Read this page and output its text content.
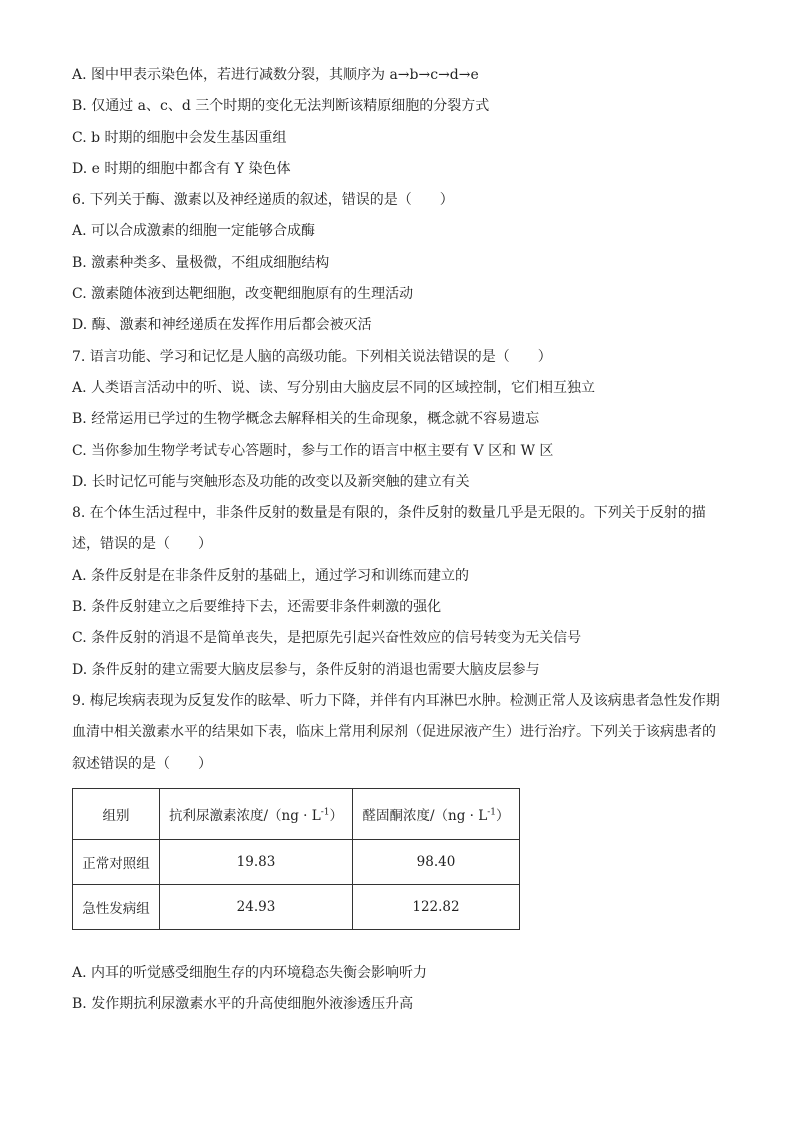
A. 图中甲表示染色体，若进行减数分裂，其顺序为 a→b→c→d→e
B. 仅通过 a、c、d 三个时期的变化无法判断该精原细胞的分裂方式
C. b 时期的细胞中会发生基因重组
D. e 时期的细胞中都含有 Y 染色体
6. 下列关于酶、激素以及神经递质的叙述，错误的是（　　）
A. 可以合成激素的细胞一定能够合成酶
B. 激素种类多、量极微，不组成细胞结构
C. 激素随体液到达靶细胞，改变靶细胞原有的生理活动
D. 酶、激素和神经递质在发挥作用后都会被灭活
7. 语言功能、学习和记忆是人脑的高级功能。下列相关说法错误的是（　　）
A. 人类语言活动中的听、说、读、写分别由大脑皮层不同的区域控制，它们相互独立
B. 经常运用已学过的生物学概念去解释相关的生命现象，概念就不容易遗忘
C. 当你参加生物学考试专心答题时，参与工作的语言中枢主要有 V 区和 W 区
D. 长时记忆可能与突触形态及功能的改变以及新突触的建立有关
8. 在个体生活过程中，非条件反射的数量是有限的，条件反射的数量几乎是无限的。下列关于反射的描
述，错误的是（　　）
A. 条件反射是在非条件反射的基础上，通过学习和训练而建立的
B. 条件反射建立之后要维持下去，还需要非条件刺激的强化
C. 条件反射的消退不是简单丧失，是把原先引起兴奋性效应的信号转变为无关信号
D. 条件反射的建立需要大脑皮层参与，条件反射的消退也需要大脑皮层参与
9. 梅尼埃病表现为反复发作的眩晕、听力下降，并伴有内耳淋巴水肿。检测正常人及该病患者急性发作期
血清中相关激素水平的结果如下表，临床上常用利尿剂（促进尿液产生）进行治疗。下列关于该病患者的
叙述错误的是（　　）
组别	抗利尿激素浓度$/(ng \cdot L^{-1})$	醛固酮浓度$/(ng \cdot L^{-1})$
正常对照组	19.83	98.40
急性发病组	24.93	122.82
A. 内耳的听觉感受细胞生存的内环境稳态失衡会影响听力
B. 发作期抗利尿激素水平的升高使细胞外液渗透压升高
